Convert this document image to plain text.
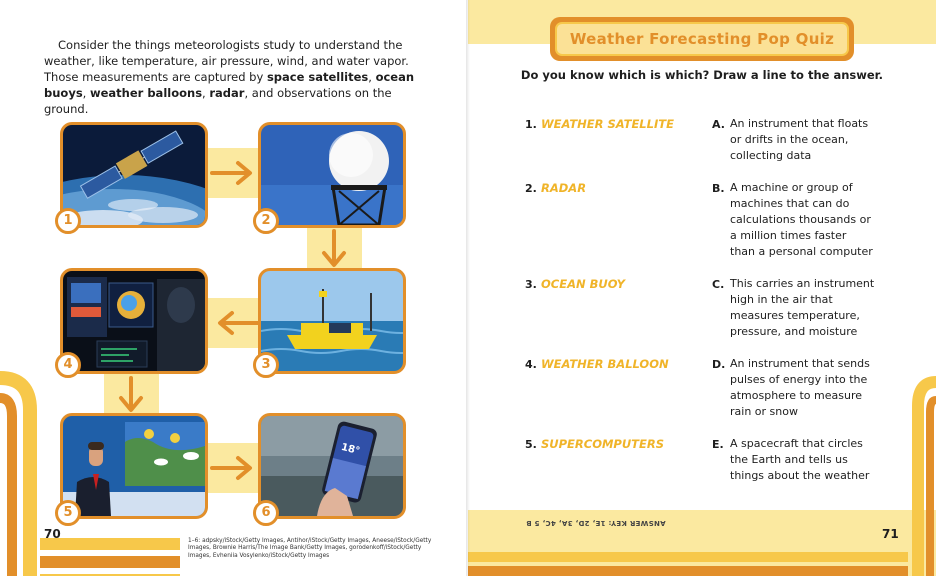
Consider the things meteorologists study to understand the weather, like temperature, air pressure, wind, and water vapor. Those measurements are captured by space satellites, ocean buoys, weather balloons, radar, and observations on the ground.

1	2
3
4
5
18°
6
70	1–6: adpsky/iStock/Getty Images, Antihor/iStock/Getty Images, Aneese/iStock/Getty Images, Brownie Harris/The Image Bank/Getty Images, gorodenkoff/iStock/Getty Images, Evheniia Vosylenko/iStock/Getty Images
Weather Forecasting Pop Quiz
Do you know which is which? Draw a line to the answer.
1. WEATHER SATELLITE	A. An instrument that floats
or drifts in the ocean,
collecting data
2. RADAR	B. A machine or group of
machines that can do
calculations thousands or
a million times faster
than a personal computer
3. OCEAN BUOY	C. This carries an instrument
high in the air that
measures temperature,
pressure, and moisture
4. WEATHER BALLOON	D. An instrument that sends
pulses of energy into the
atmosphere to measure
rain or snow
5. SUPERCOMPUTERS	E. A spacecraft that circles
the Earth and tells us
things about the weather
ANSWER KEY: 1E, 2D, 3A, 4C, 5 B
71
